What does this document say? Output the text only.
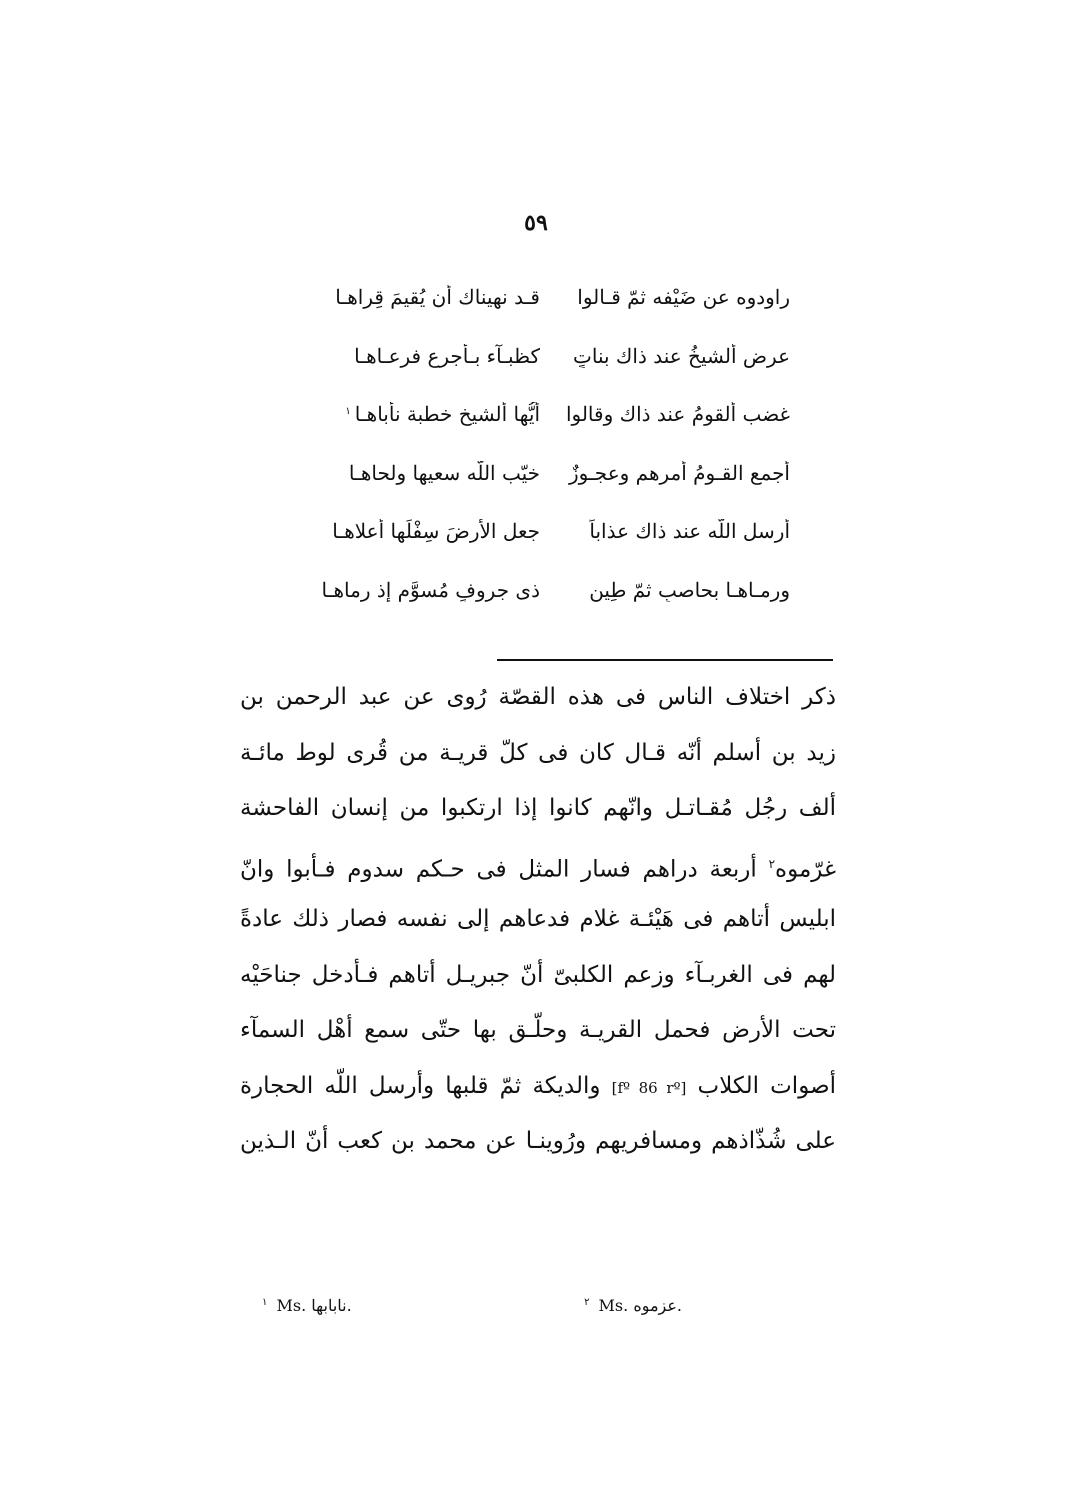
٥٩
راودوه عن ضَيْفه ثمّ قـالوا
قـد نهيناك أن يُقيمَ قِراهـا
عرض ألشيخُ عند ذاك بناتٍ
كظبـآء بـأجرع فرعـاهـا
غضب ألقومُ عند ذاك وقالوا
أيُّها ألشيخ خطبة نأباهـا$^١$
أجمع القـومُ أمرهم وعجـوزٌ
خيّب اللّه سعيها ولحاهـا
أرسل اللّه عند ذاك عذاباً
جعل الأرضَ سِفْلَها أعلاهـا
ورمـاهـا بحاصبٍ ثمّ طِينٍ
ذى جروفٍ مُسوَّمٍ إذ رماهـا
ذكر اختلاف الناس فى هذه القصّة رُوى عن عبد الرحمن بن
زيد بن أسلم أنّه قـال كان فى كلّ قريـة من قُرى لوط مائـة
ألف رجُل مُقـاتـل وانّهم كانوا إذا ارتكبوا من إنسان الفاحشة
غرّموه$^٢$ أربعة دراهم فسار المثل فى حـكم سدوم فـأبوا وانّ
ابليس أتاهم فى هَيْئـة غلام فدعاهم إلى نفسه فصار ذلك عادةً
لهم فى الغربـآء وزعم الكلبىّ أنّ جبريـل أتاهم فـأدخل جناحَيْه
تحت الأرض فحمل القريـة وحلّـق بها حتّى سمع أهْل السمآء
أصوات الكلاب [fº 86 rº] والديكة ثمّ قلبها وأرسل اللّه الحجارة
على شُذّاذهم ومسافريهم ورُوينـا عن محمد بن كعب أنّ الـذين
$^١$ Ms. نابابها.	$^٢$ Ms. عزموه.
